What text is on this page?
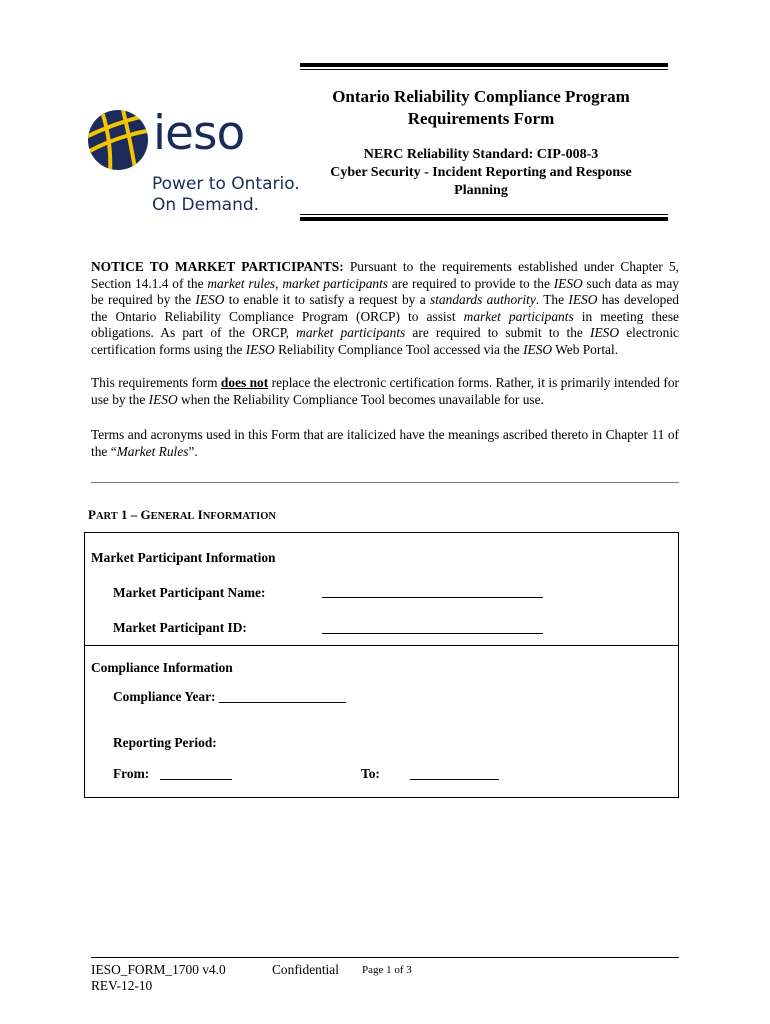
ieso
Power to Ontario.
On Demand.
Ontario Reliability Compliance Program
Requirements Form
NERC Reliability Standard: CIP-008-3
Cyber Security - Incident Reporting and Response
Planning
NOTICE TO MARKET PARTICIPANTS: Pursuant to the requirements established under Chapter 5, Section 14.1.4 of the market rules, market participants are required to provide to the IESO such data as may be required by the IESO to enable it to satisfy a request by a standards authority. The IESO has developed the Ontario Reliability Compliance Program (ORCP) to assist market participants in meeting these obligations. As part of the ORCP, market participants are required to submit to the IESO electronic certification forms using the IESO Reliability Compliance Tool accessed via the IESO Web Portal.
This requirements form does not replace the electronic certification forms. Rather, it is primarily intended for use by the IESO when the Reliability Compliance Tool becomes unavailable for use.
Terms and acronyms used in this Form that are italicized have the meanings ascribed thereto in Chapter 11 of the “Market Rules”.
PART 1 – GENERAL INFORMATION
Market Participant Information
Market Participant Name:
Market Participant ID:
Compliance Information
Compliance Year: ___________________
Reporting Period:
From:	To:
IESO_FORM_1700 v4.0
REV-12-10
Confidential Page 1 of 3
